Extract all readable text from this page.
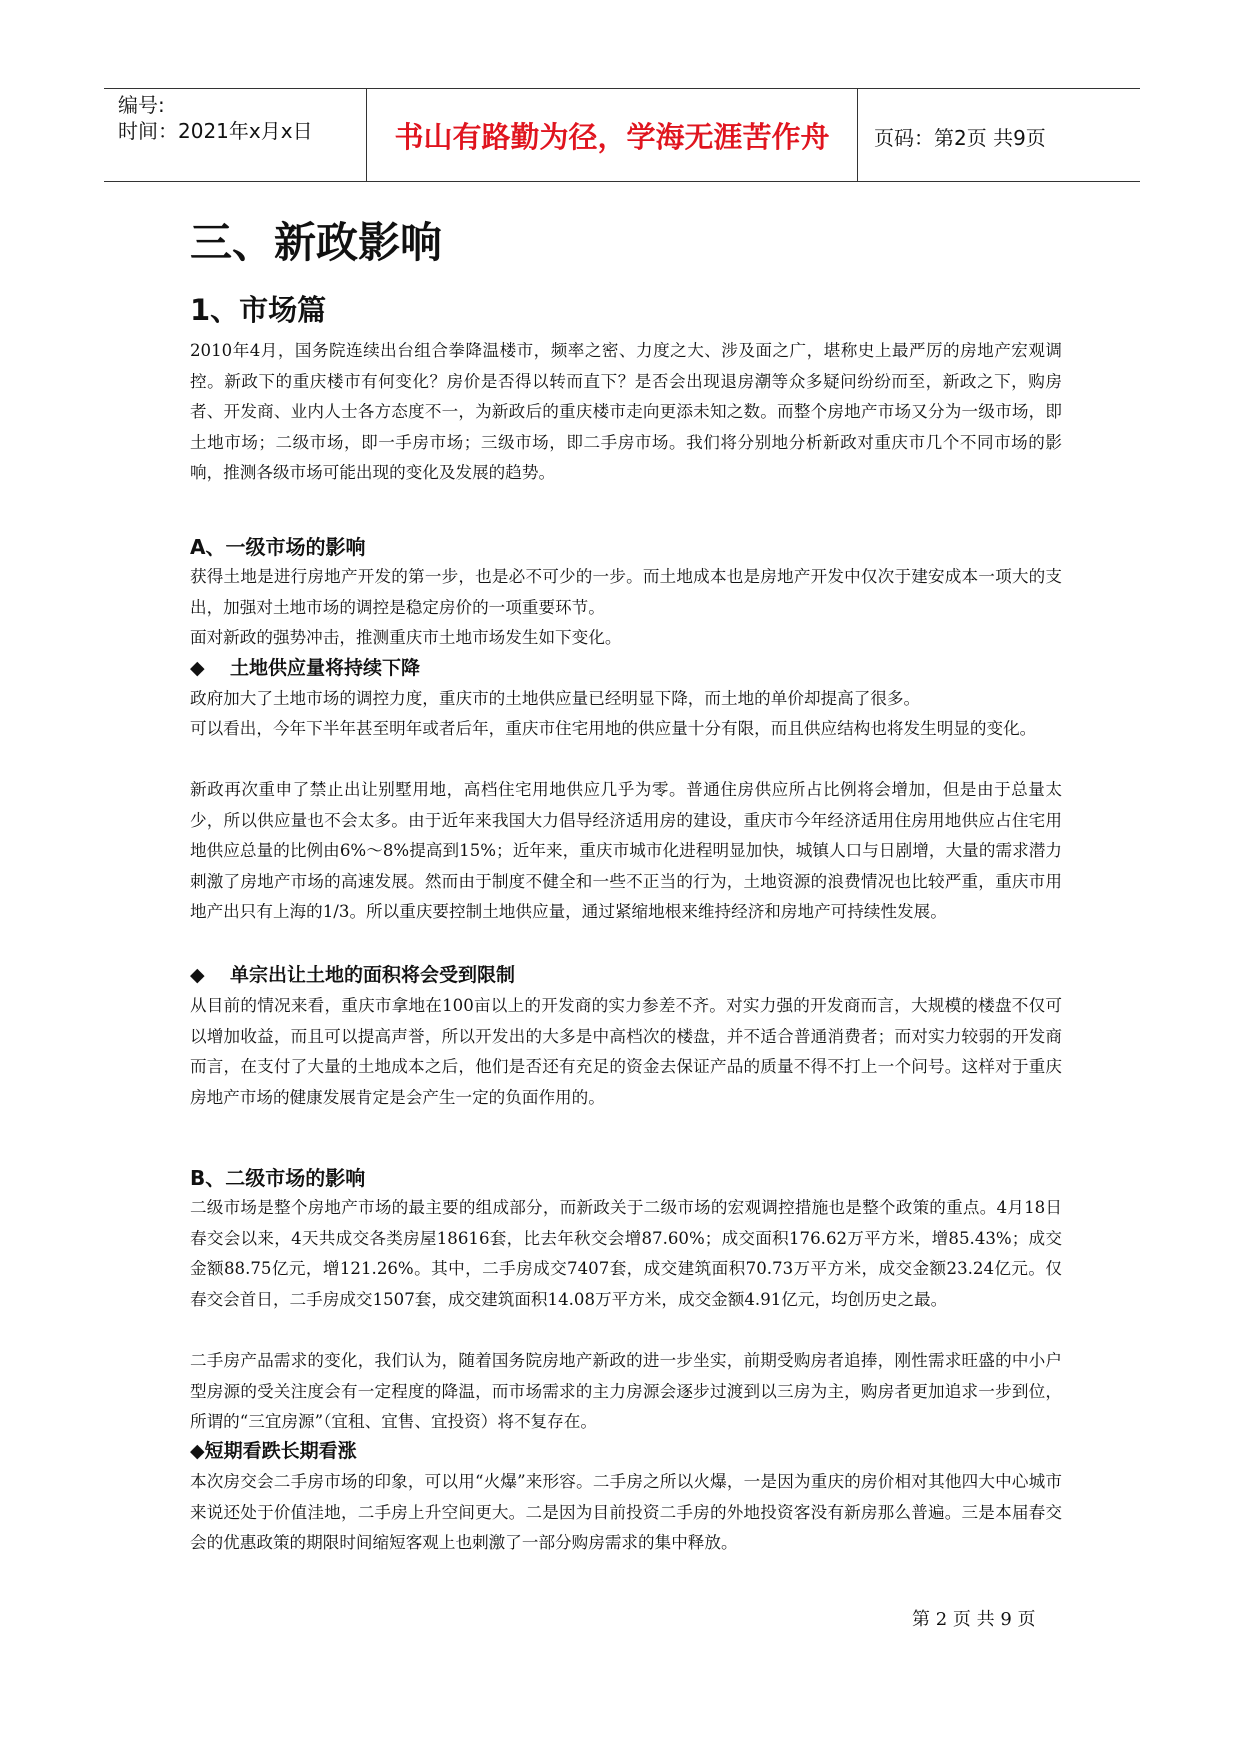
编号:
时间：2021年x月x日	书山有路勤为径，学海无涯苦作舟	页码：第2页 共9页
三、新政影响
1、市场篇
2010年4月，国务院连续出台组合拳降温楼市，频率之密、力度之大、涉及面之广，堪称史上最严厉的房地产宏观调控。新政下的重庆楼市有何变化？房价是否得以转而直下？是否会出现退房潮等众多疑问纷纷而至，新政之下，购房者、开发商、业内人士各方态度不一，为新政后的重庆楼市走向更添未知之数。而整个房地产市场又分为一级市场，即土地市场；二级市场，即一手房市场；三级市场，即二手房市场。我们将分别地分析新政对重庆市几个不同市场的影响，推测各级市场可能出现的变化及发展的趋势。
A、一级市场的影响
获得土地是进行房地产开发的第一步，也是必不可少的一步。而土地成本也是房地产开发中仅次于建安成本一项大的支出，加强对土地市场的调控是稳定房价的一项重要环节。
面对新政的强势冲击，推测重庆市土地市场发生如下变化。
◆ 土地供应量将持续下降
政府加大了土地市场的调控力度，重庆市的土地供应量已经明显下降，而土地的单价却提高了很多。
可以看出，今年下半年甚至明年或者后年，重庆市住宅用地的供应量十分有限，而且供应结构也将发生明显的变化。
新政再次重申了禁止出让别墅用地，高档住宅用地供应几乎为零。普通住房供应所占比例将会增加，但是由于总量太少，所以供应量也不会太多。由于近年来我国大力倡导经济适用房的建设，重庆市今年经济适用住房用地供应占住宅用地供应总量的比例由6%～8%提高到15%；近年来，重庆市城市化进程明显加快，城镇人口与日剧增，大量的需求潜力刺激了房地产市场的高速发展。然而由于制度不健全和一些不正当的行为，土地资源的浪费情况也比较严重，重庆市用地产出只有上海的1/3。所以重庆要控制土地供应量，通过紧缩地根来维持经济和房地产可持续性发展。
◆ 单宗出让土地的面积将会受到限制
从目前的情况来看，重庆市拿地在100亩以上的开发商的实力参差不齐。对实力强的开发商而言，大规模的楼盘不仅可以增加收益，而且可以提高声誉，所以开发出的大多是中高档次的楼盘，并不适合普通消费者；而对实力较弱的开发商而言，在支付了大量的土地成本之后，他们是否还有充足的资金去保证产品的质量不得不打上一个问号。这样对于重庆房地产市场的健康发展肯定是会产生一定的负面作用的。
B、二级市场的影响
二级市场是整个房地产市场的最主要的组成部分，而新政关于二级市场的宏观调控措施也是整个政策的重点。4月18日春交会以来，4天共成交各类房屋18616套，比去年秋交会增87.60%；成交面积176.62万平方米，增85.43%；成交金额88.75亿元，增121.26%。其中，二手房成交7407套，成交建筑面积70.73万平方米，成交金额23.24亿元。仅春交会首日，二手房成交1507套，成交建筑面积14.08万平方米，成交金额4.91亿元，均创历史之最。
二手房产品需求的变化，我们认为，随着国务院房地产新政的进一步坐实，前期受购房者追捧，刚性需求旺盛的中小户型房源的受关注度会有一定程度的降温，而市场需求的主力房源会逐步过渡到以三房为主，购房者更加追求一步到位，所谓的“三宜房源”（宜租、宜售、宜投资）将不复存在。
◆短期看跌长期看涨
本次房交会二手房市场的印象，可以用“火爆”来形容。二手房之所以火爆，一是因为重庆的房价相对其他四大中心城市来说还处于价值洼地，二手房上升空间更大。二是因为目前投资二手房的外地投资客没有新房那么普遍。三是本届春交会的优惠政策的期限时间缩短客观上也刺激了一部分购房需求的集中释放。
第 2 页 共 9 页
